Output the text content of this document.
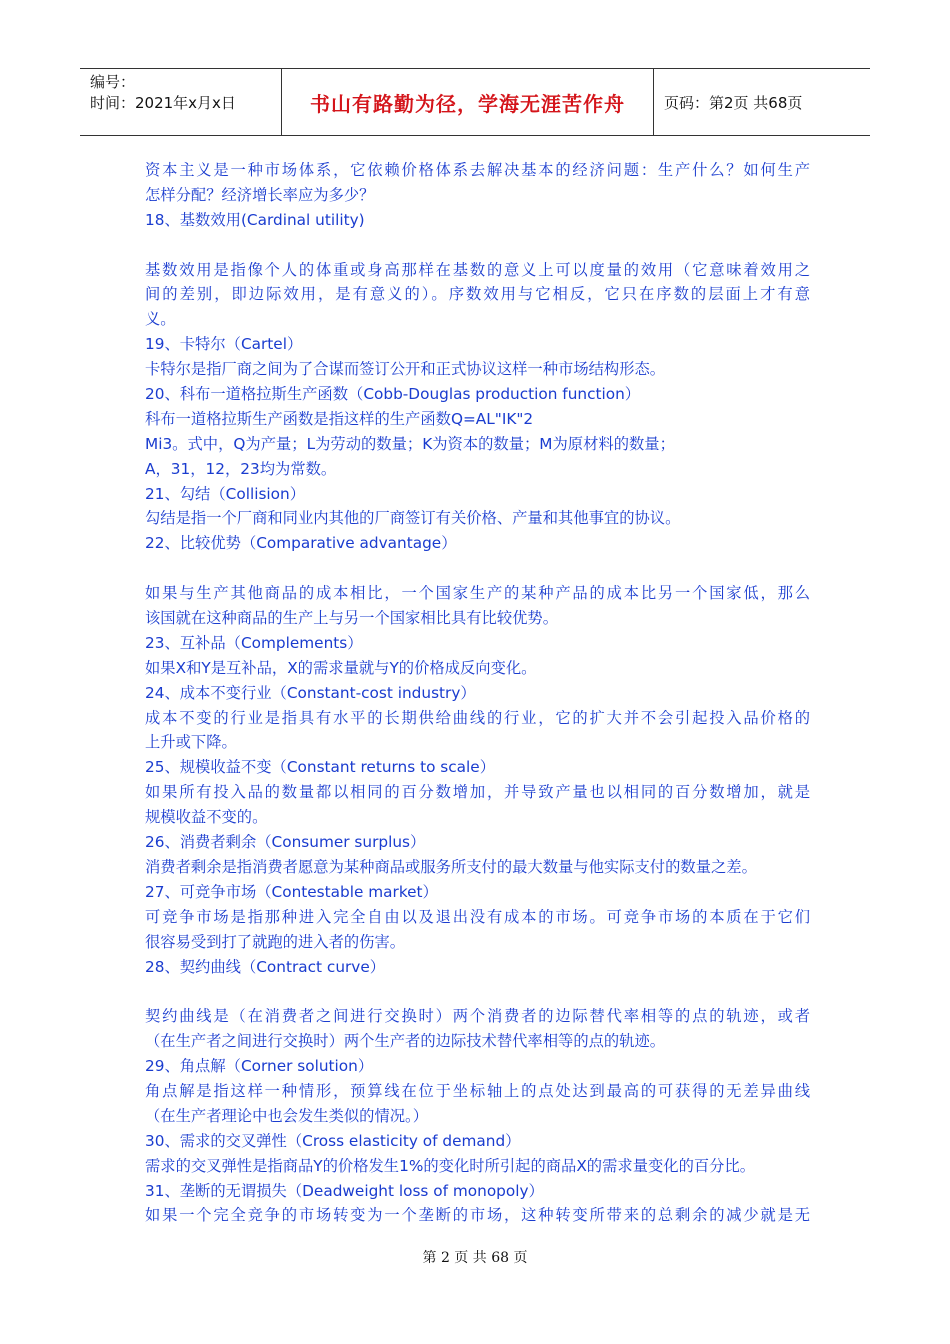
编号：
时间：2021年x月x日	书山有路勤为径，学海无涯苦作舟	页码：第2页 共68页
资本主义是一种市场体系，它依赖价格体系去解决基本的经济问题：生产什么？如何生产
怎样分配？经济增长率应为多少？
18、基数效用(Cardinal utility)
基数效用是指像个人的体重或身高那样在基数的意义上可以度量的效用（它意味着效用之
间的差别，即边际效用，是有意义的）。序数效用与它相反，它只在序数的层面上才有意
义。
19、卡特尔（Cartel）
卡特尔是指厂商之间为了合谋而签订公开和正式协议这样一种市场结构形态。
20、科布一道格拉斯生产函数（Cobb-Douglas production function）
科布一道格拉斯生产函数是指这样的生产函数Q=AL"IK"2
Mi3。式中，Q为产量；L为劳动的数量；K为资本的数量；M为原材料的数量；
A，31，12，23均为常数。
21、勾结（Collision）
勾结是指一个厂商和同业内其他的厂商签订有关价格、产量和其他事宜的协议。
22、比较优势（Comparative advantage）
如果与生产其他商品的成本相比，一个国家生产的某种产品的成本比另一个国家低，那么
该国就在这种商品的生产上与另一个国家相比具有比较优势。
23、互补品（Complements）
如果X和Y是互补品，X的需求量就与Y的价格成反向变化。
24、成本不变行业（Constant-cost industry）
成本不变的行业是指具有水平的长期供给曲线的行业，它的扩大并不会引起投入品价格的
上升或下降。
25、规模收益不变（Constant returns to scale）
如果所有投入品的数量都以相同的百分数增加，并导致产量也以相同的百分数增加，就是
规模收益不变的。
26、消费者剩余（Consumer surplus）
消费者剩余是指消费者愿意为某种商品或服务所支付的最大数量与他实际支付的数量之差。
27、可竞争市场（Contestable market）
可竞争市场是指那种进入完全自由以及退出没有成本的市场。可竞争市场的本质在于它们
很容易受到打了就跑的进入者的伤害。
28、契约曲线（Contract curve）
契约曲线是（在消费者之间进行交换时）两个消费者的边际替代率相等的点的轨迹，或者
（在生产者之间进行交换时）两个生产者的边际技术替代率相等的点的轨迹。
29、角点解（Corner solution）
角点解是指这样一种情形，预算线在位于坐标轴上的点处达到最高的可获得的无差异曲线
（在生产者理论中也会发生类似的情况。）
30、需求的交叉弹性（Cross elasticity of demand）
需求的交叉弹性是指商品Y的价格发生1%的变化时所引起的商品X的需求量变化的百分比。
31、垄断的无谓损失（Deadweight loss of monopoly）
如果一个完全竞争的市场转变为一个垄断的市场，这种转变所带来的总剩余的减少就是无
第 2 页 共 68 页
